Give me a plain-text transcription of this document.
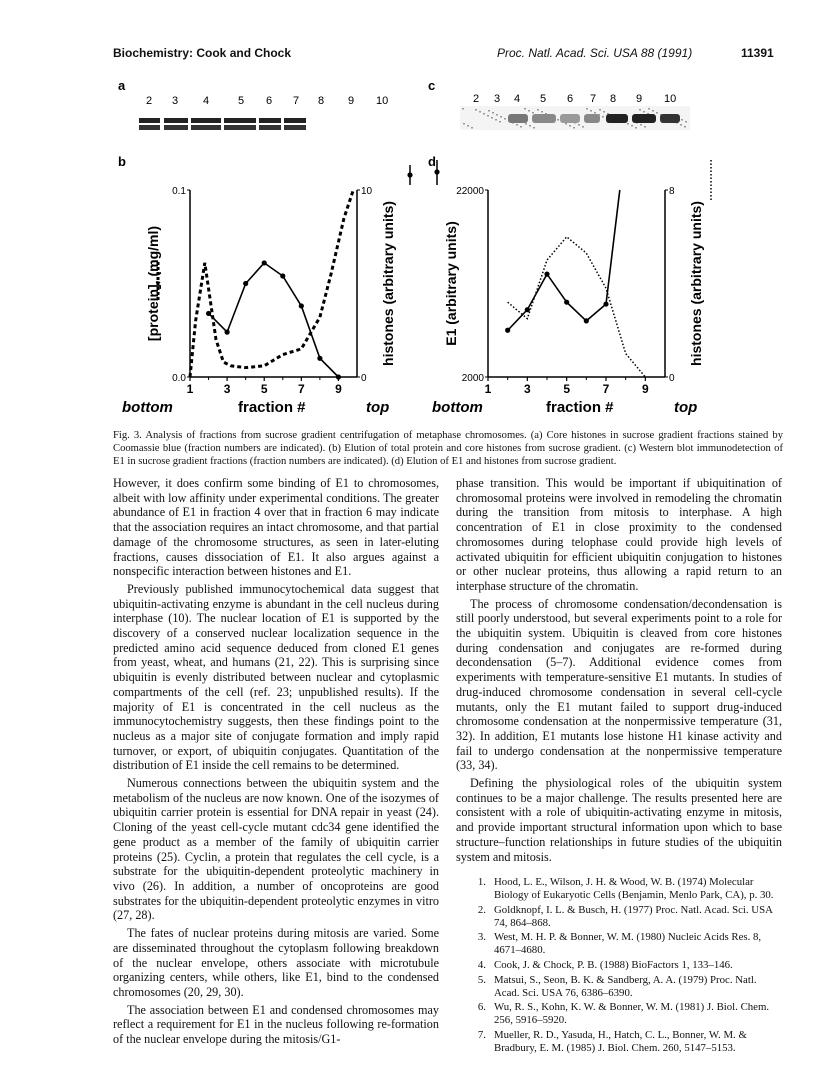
Biochemistry: Cook and Chock	Proc. Natl. Acad. Sci. USA 88 (1991)	11391
a
b
c
d
2 3 4	5 6 7 8 9 10	2 3 4 5 6 7 8 9 10
1	3	5	7	9
0.0
0.1
0
10
[protein], (mg/ml)	histones (arbitrary units)
1	3	5	7	9
2000
22000
0
8
E1 (arbitrary units)	histones (arbitrary units)
bottom	fraction #	top	bottom	fraction #	top
Fig. 3. Analysis of fractions from sucrose gradient centrifugation of metaphase chromosomes. (a) Core histones in sucrose gradient fractions stained by Coomassie blue (fraction numbers are indicated). (b) Elution of total protein and core histones from sucrose gradient. (c) Western blot immunodetection of E1 in sucrose gradient fractions (fraction numbers are indicated). (d) Elution of E1 and histones from sucrose gradient.

However, it does confirm some binding of E1 to chromosomes, albeit with low affinity under experimental conditions. The greater abundance of E1 in fraction 4 over that in fraction 6 may indicate that the association requires an intact chromosome, and that partial damage of the chromosome structures, as seen in later-eluting fractions, causes dissociation of E1. It also argues against a nonspecific interaction between histones and E1.

Previously published immunocytochemical data suggest that ubiquitin-activating enzyme is abundant in the cell nucleus during interphase (10). The nuclear location of E1 is supported by the discovery of a conserved nuclear localization sequence in the predicted amino acid sequence deduced from cloned E1 genes from yeast, wheat, and humans (21, 22). This is surprising since ubiquitin is evenly distributed between nuclear and cytoplasmic compartments of the cell (ref. 23; unpublished results). If the majority of E1 is concentrated in the cell nucleus as the immunocytochemistry suggests, then these findings point to the nucleus as a major site of conjugate formation and imply rapid turnover, or export, of ubiquitin conjugates. Quantitation of the distribution of E1 inside the cell remains to be determined.

Numerous connections between the ubiquitin system and the metabolism of the nucleus are now known. One of the isozymes of ubiquitin carrier protein is essential for DNA repair in yeast (24). Cloning of the yeast cell-cycle mutant cdc34 gene identified the gene product as a member of the family of ubiquitin carrier proteins (25). Cyclin, a protein that regulates the cell cycle, is a substrate for the ubiquitin-dependent proteolytic machinery in vivo (26). In addition, a number of oncoproteins are good substrates for the ubiquitin-dependent proteolytic enzymes in vitro (27, 28).

The fates of nuclear proteins during mitosis are varied. Some are disseminated throughout the cytoplasm following breakdown of the nuclear envelope, others associate with microtubule organizing centers, while others, like E1, bind to the condensed chromosomes (20, 29, 30).

The association between E1 and condensed chromosomes may reflect a requirement for E1 in the nucleus following re-formation of the nuclear envelope during the mitosis/G1-

phase transition. This would be important if ubiquitination of chromosomal proteins were involved in remodeling the chromatin during the transition from mitosis to interphase. A high concentration of E1 in close proximity to the condensed chromosomes during telophase could provide high levels of activated ubiquitin for efficient ubiquitin conjugation to histones or other nuclear proteins, thus allowing a rapid return to an interphase structure of the chromatin.

The process of chromosome condensation/decondensation is still poorly understood, but several experiments point to a role for the ubiquitin system. Ubiquitin is cleaved from core histones during condensation and conjugates are re-formed during decondensation (5–7). Additional evidence comes from experiments with temperature-sensitive E1 mutants. In studies of drug-induced chromosome condensation in several cell-cycle mutants, only the E1 mutant failed to support drug-induced chromosome condensation at the nonpermissive temperature (31, 32). In addition, E1 mutants lose histone H1 kinase activity and fail to undergo condensation at the nonpermissive temperature (33, 34).

Defining the physiological roles of the ubiquitin system continues to be a major challenge. The results presented here are consistent with a role of ubiquitin-activating enzyme in mitosis, and provide important structural information upon which to base structure–function relationships in future studies of the ubiquitin system and mitosis.

1. Hood, L. E., Wilson, J. H. & Wood, W. B. (1974) Molecular Biology of Eukaryotic Cells (Benjamin, Menlo Park, CA), p. 30.
2. Goldknopf, I. L. & Busch, H. (1977) Proc. Natl. Acad. Sci. USA 74, 864–868.
3. West, M. H. P. & Bonner, W. M. (1980) Nucleic Acids Res. 8, 4671–4680.
4. Cook, J. & Chock, P. B. (1988) BioFactors 1, 133–146.
5. Matsui, S., Seon, B. K. & Sandberg, A. A. (1979) Proc. Natl. Acad. Sci. USA 76, 6386–6390.
6. Wu, R. S., Kohn, K. W. & Bonner, W. M. (1981) J. Biol. Chem. 256, 5916–5920.
7. Mueller, R. D., Yasuda, H., Hatch, C. L., Bonner, W. M. & Bradbury, E. M. (1985) J. Biol. Chem. 260, 5147–5153.
